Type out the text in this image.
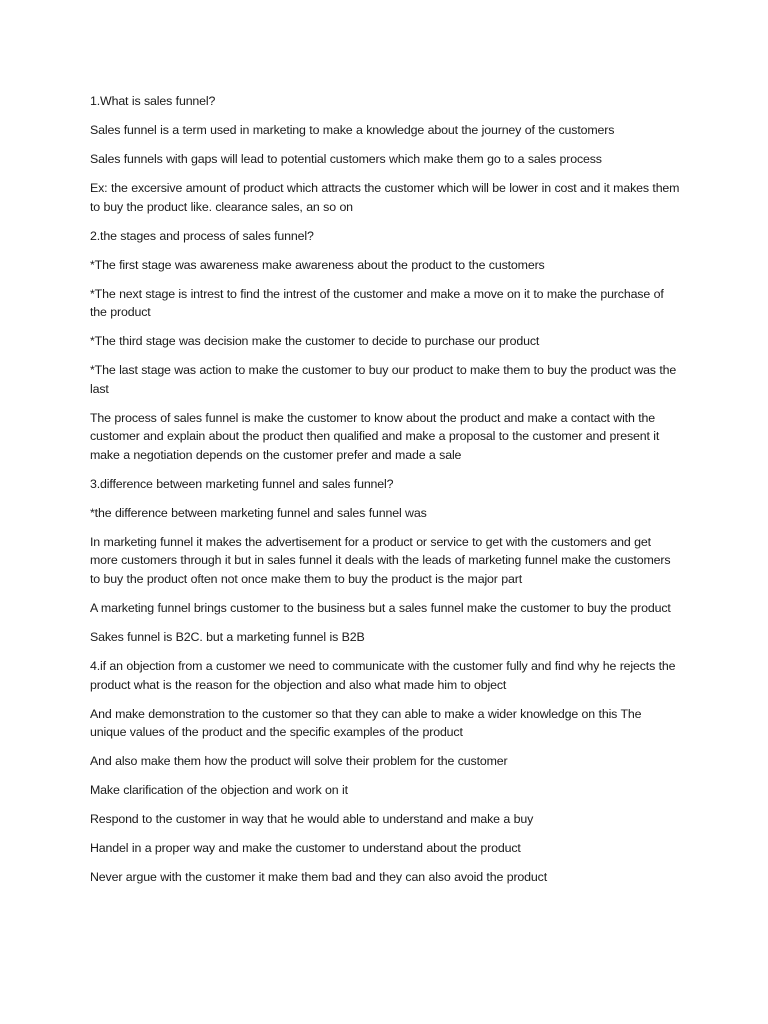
1.What is sales funnel?

Sales funnel is a term used in marketing to make a knowledge about the journey of the customers

Sales funnels with gaps will lead to potential customers which make them go to a sales process

Ex: the excersive amount of product which attracts the customer which will be lower in cost and it makes them to buy the product like. clearance sales, an so on

2.the stages and process of sales funnel?

*The first stage was awareness make awareness about the product to the customers

*The next stage is intrest to find the intrest of the customer and make a move on it to make the purchase of the product

*The third stage was decision make the customer to decide to purchase our product

*The last stage was action to make the customer to buy our product to make them to buy the product was the last

The process of sales funnel is make the customer to know about the product and make a contact with the customer and explain about the product then qualified and make a proposal to the customer and present it make a negotiation depends on the customer prefer and made a sale

3.difference between marketing funnel and sales funnel?

*the difference between marketing funnel and sales funnel was

In marketing funnel it makes the advertisement for a product or service to get with the customers and get more customers through it but in sales funnel it deals with the leads of marketing funnel make the customers to buy the product often not once make them to buy the product is the major part

A marketing funnel brings customer to the business but a sales funnel make the customer to buy the product

Sakes funnel is B2C. but a marketing funnel is B2B

4.if an objection from a customer we need to communicate with the customer fully and find why he rejects the product what is the reason for the objection and also what made him to object

And make demonstration to the customer so that they can able to make a wider knowledge on this The unique values of the product and the specific examples of the product

And also make them how the product will solve their problem for the customer

Make clarification of the objection and work on it

Respond to the customer in way that he would able to understand and make a buy

Handel in a proper way and make the customer to understand about the product

Never argue with the customer it make them bad and they can also avoid the product
